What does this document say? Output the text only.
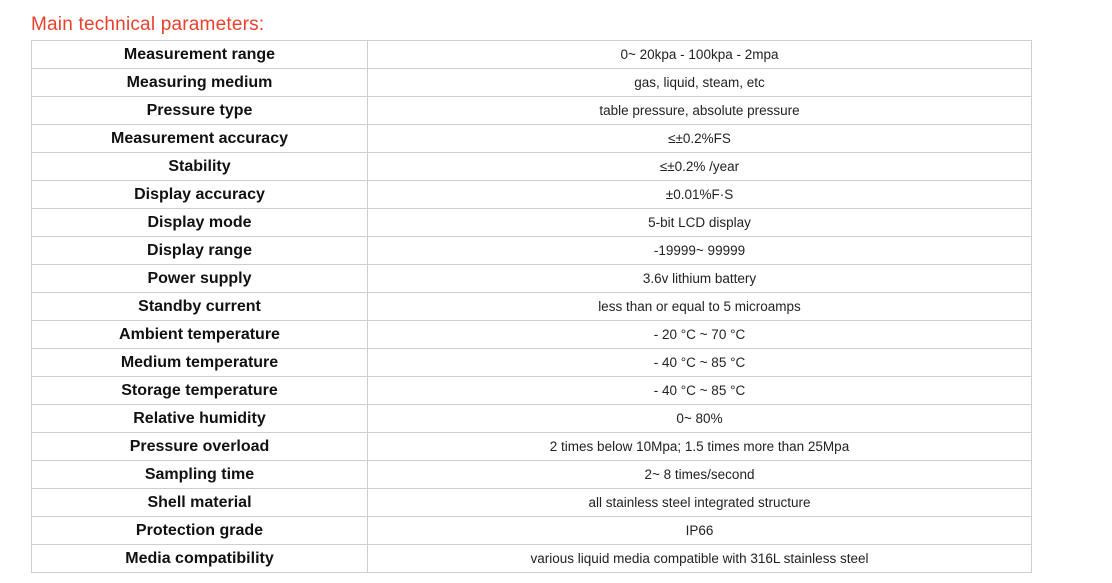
Main technical parameters:
Measurement range	0~ 20kpa - 100kpa - 2mpa
Measuring medium	gas, liquid, steam, etc
Pressure type	table pressure, absolute pressure
Measurement accuracy	≤±0.2%FS
Stability	≤±0.2% /year
Display accuracy	±0.01%F·S
Display mode	5-bit LCD display
Display range	-19999~ 99999
Power supply	3.6v lithium battery
Standby current	less than or equal to 5 microamps
Ambient temperature	- 20 °C ~ 70 °C
Medium temperature	- 40 °C ~ 85 °C
Storage temperature	- 40 °C ~ 85 °C
Relative humidity	0~ 80%
Pressure overload	2 times below 10Mpa; 1.5 times more than 25Mpa
Sampling time	2~ 8 times/second
Shell material	all stainless steel integrated structure
Protection grade	IP66
Media compatibility	various liquid media compatible with 316L stainless steel
